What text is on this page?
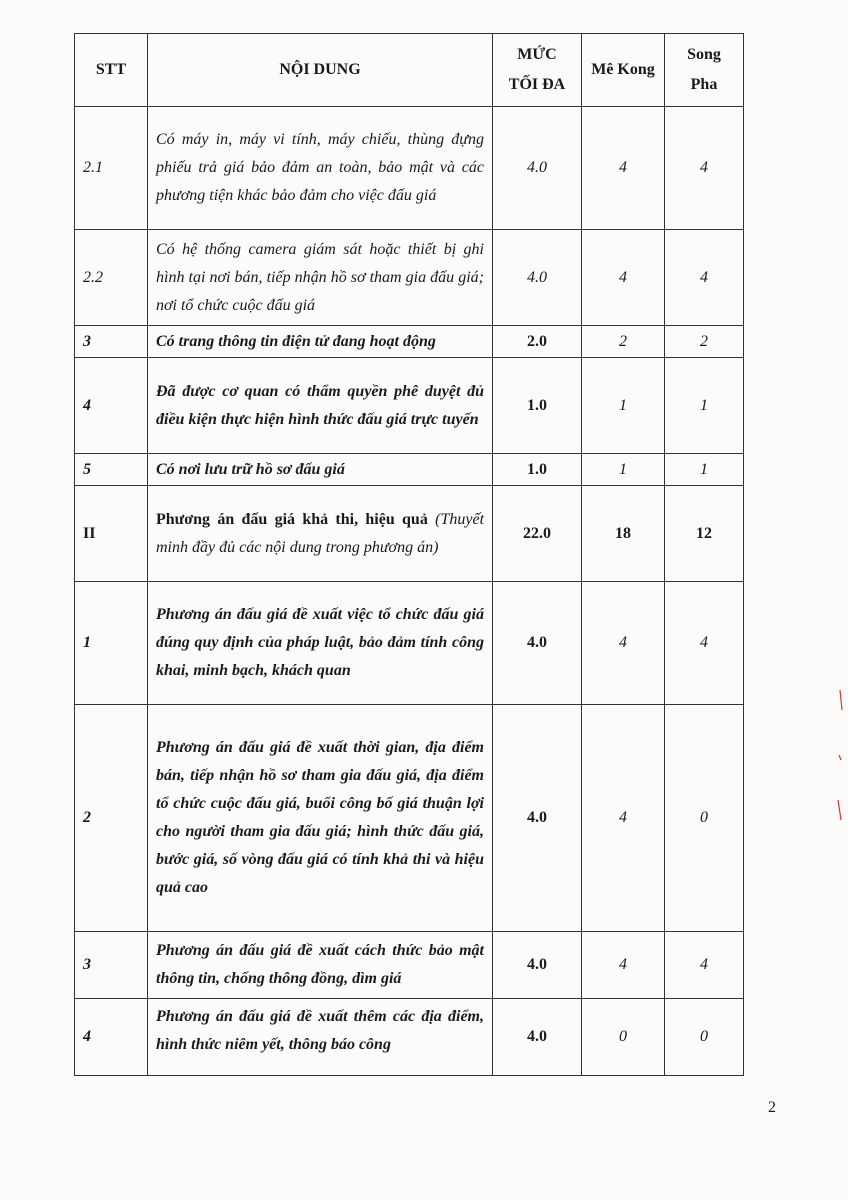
STT	NỘI DUNG	MỨC TỐI ĐA	Mê Kong	Song Pha
2.1	Có máy in, máy vi tính, máy chiếu, thùng đựng phiếu trả giá bảo đảm an toàn, bảo mật và các phương tiện khác bảo đảm cho việc đấu giá	4.0	4	4
2.2	Có hệ thống camera giám sát hoặc thiết bị ghi hình tại nơi bán, tiếp nhận hồ sơ tham gia đấu giá; nơi tổ chức cuộc đấu giá	4.0	4	4
3	Có trang thông tin điện tử đang hoạt động	2.0	2	2
4	Đã được cơ quan có thẩm quyền phê duyệt đủ điều kiện thực hiện hình thức đấu giá trực tuyến	1.0	1	1
5	Có nơi lưu trữ hồ sơ đấu giá	1.0	1	1
II	Phương án đấu giá khả thi, hiệu quả (Thuyết minh đầy đủ các nội dung trong phương án)	22.0	18	12
1	Phương án đấu giá đề xuất việc tổ chức đấu giá đúng quy định của pháp luật, bảo đảm tính công khai, minh bạch, khách quan	4.0	4	4
2	Phương án đấu giá đề xuất thời gian, địa điểm bán, tiếp nhận hồ sơ tham gia đấu giá, địa điểm tổ chức cuộc đấu giá, buổi công bố giá thuận lợi cho người tham gia đấu giá; hình thức đấu giá, bước giá, số vòng đấu giá có tính khả thi và hiệu quả cao	4.0	4	0
3	Phương án đấu giá đề xuất cách thức bảo mật thông tin, chống thông đồng, dìm giá	4.0	4	4
4	Phương án đấu giá đề xuất thêm các địa điểm, hình thức niêm yết, thông báo công	4.0	0	0
2
